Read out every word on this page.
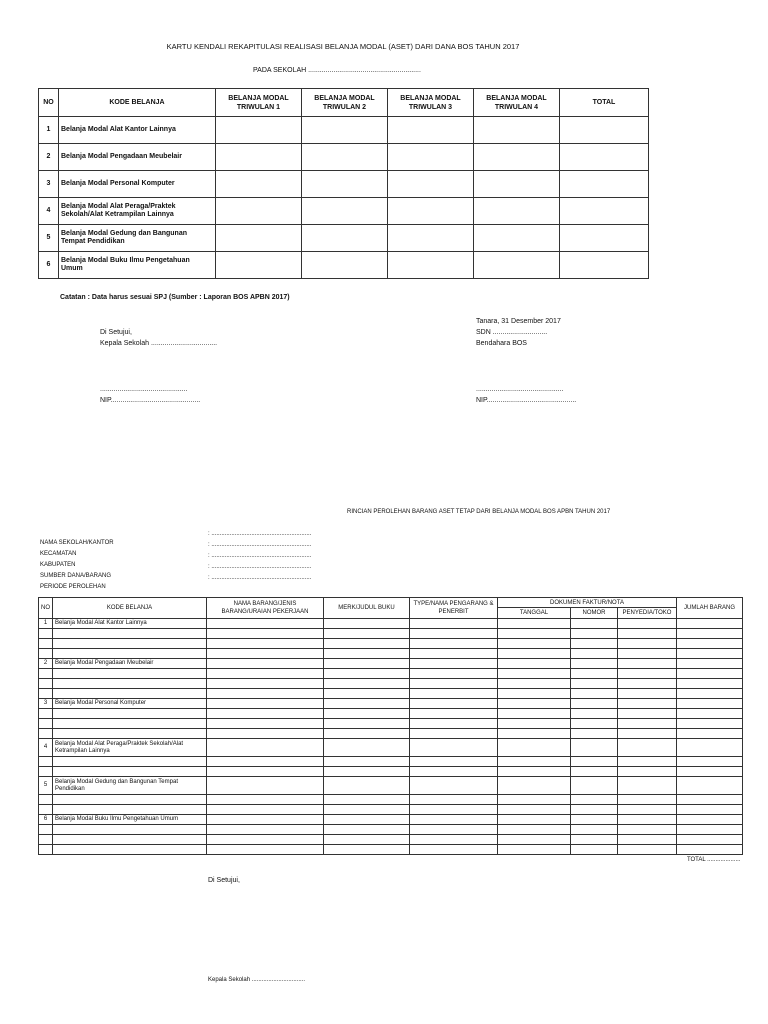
KARTU KENDALI REKAPITULASI REALISASI BELANJA MODAL (ASET) DARI DANA BOS TAHUN 2017
PADA SEKOLAH ..........................................................
NO	KODE BELANJA	BELANJA MODAL TRIWULAN 1	BELANJA MODAL TRIWULAN 2	BELANJA MODAL TRIWULAN 3	BELANJA MODAL TRIWULAN 4	TOTAL
1	Belanja Modal Alat Kantor Lainnya					
2	Belanja Modal Pengadaan Meubelair					
3	Belanja Modal Personal Komputer					
4	Belanja Modal Alat Peraga/Praktek Sekolah/Alat Ketrampilan Lainnya					
5	Belanja Modal Gedung dan Bangunan Tempat Pendidikan					
6	Belanja Modal Buku Ilmu Pengetahuan Umum					
Catatan : Data harus sesuai SPJ (Sumber : Laporan BOS APBN 2017)
Di Setujui,
Kepala Sekolah ..................................
.............................................
NIP..............................................
Tanara, 31 Desember 2017
SDN ............................
Bendahara BOS
.............................................
NIP..............................................
RINCIAN PEROLEHAN BARANG ASET TETAP DARI BELANJA MODAL BOS APBN TAHUN 2017
NAMA SEKOLAH/KANTOR
: ............................................................
KECAMATAN
: ............................................................
KABUPATEN
: ............................................................
SUMBER DANA/BARANG
: ............................................................
PERIODE PEROLEHAN
: ............................................................
NO	KODE BELANJA	NAMA BARANG/JENIS BARANG/URAIAN PEKERJAAN	MERK/JUDUL BUKU	TYPE/NAMA PENGARANG & PENERBIT	DOKUMEN FAKTUR/NOTA			JUMLAH BARANG
					TANGGAL	NOMOR	PENYEDIA/TOKO	
1	Belanja Modal Alat Kantor Lainnya							

2	Belanja Modal Pengadaan Meubelair							

3	Belanja Modal Personal Komputer							

4	Belanja Modal Alat Peraga/Praktek Sekolah/Alat Ketrampilan Lainnya							

5	Belanja Modal Gedung dan Bangunan Tempat Pendidikan							

6	Belanja Modal Buku Ilmu Pengetahuan Umum							

TOTAL ....................								
Di Setujui,
Kepala Sekolah ................................
